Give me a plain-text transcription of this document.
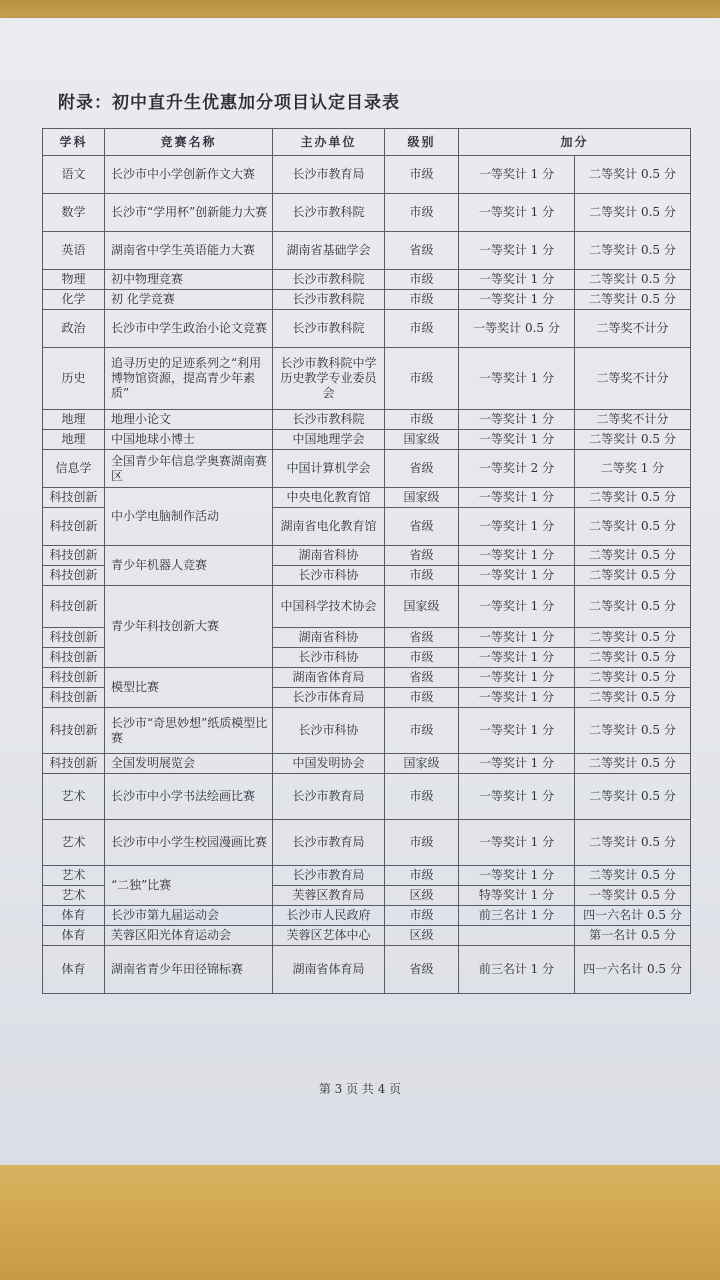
附录：初中直升生优惠加分项目认定目录表
学科	竞赛名称	主办单位	级别	加分	
语文	长沙市中小学创新作文大赛	长沙市教育局	市级	一等奖计 1 分	二等奖计 0.5 分
数学	长沙市“学用杯”创新能力大赛	长沙市教科院	市级	一等奖计 1 分	二等奖计 0.5 分
英语	湖南省中学生英语能力大赛	湖南省基础学会	省级	一等奖计 1 分	二等奖计 0.5 分
物理	初中物理竞赛	长沙市教科院	市级	一等奖计 1 分	二等奖计 0.5 分
化学	初 化学竞赛	长沙市教科院	市级	一等奖计 1 分	二等奖计 0.5 分
政治	长沙市中学生政治小论文竞赛	长沙市教科院	市级	一等奖计 0.5 分	二等奖不计分
历史	追寻历史的足迹系列之“利用博物馆资源，提高青少年素质”	长沙市教科院中学历史教学专业委员会	市级	一等奖计 1 分	二等奖不计分
地理	地理小论文	长沙市教科院	市级	一等奖计 1 分	二等奖不计分
地理	中国地球小博士	中国地理学会	国家级	一等奖计 1 分	二等奖计 0.5 分
信息学	全国青少年信息学奥赛湖南赛区	中国计算机学会	省级	一等奖计 2 分	二等奖 1 分
科技创新	中小学电脑制作活动	中央电化教育馆	国家级	一等奖计 1 分	二等奖计 0.5 分
科技创新		湖南省电化教育馆	省级	一等奖计 1 分	二等奖计 0.5 分
科技创新	青少年机器人竞赛	湖南省科协	省级	一等奖计 1 分	二等奖计 0.5 分
科技创新		长沙市科协	市级	一等奖计 1 分	二等奖计 0.5 分
科技创新	青少年科技创新大赛	中国科学技术协会	国家级	一等奖计 1 分	二等奖计 0.5 分
科技创新		湖南省科协	省级	一等奖计 1 分	二等奖计 0.5 分
科技创新		长沙市科协	市级	一等奖计 1 分	二等奖计 0.5 分
科技创新	模型比赛	湖南省体育局	省级	一等奖计 1 分	二等奖计 0.5 分
科技创新		长沙市体育局	市级	一等奖计 1 分	二等奖计 0.5 分
科技创新	长沙市“奇思妙想”纸质模型比赛	长沙市科协	市级	一等奖计 1 分	二等奖计 0.5 分
科技创新	全国发明展览会	中国发明协会	国家级	一等奖计 1 分	二等奖计 0.5 分
艺术	长沙市中小学书法绘画比赛	长沙市教育局	市级	一等奖计 1 分	二等奖计 0.5 分
艺术	长沙市中小学生校园漫画比赛	长沙市教育局	市级	一等奖计 1 分	二等奖计 0.5 分
艺术	“二独”比赛	长沙市教育局	市级	一等奖计 1 分	二等奖计 0.5 分
艺术		芙蓉区教育局	区级	特等奖计 1 分	一等奖计 0.5 分
体育	长沙市第九届运动会	长沙市人民政府	市级	前三名计 1 分	四一六名计 0.5 分
体育	芙蓉区阳光体育运动会	芙蓉区艺体中心	区级		第一名计 0.5 分
体育	湖南省青少年田径锦标赛	湖南省体育局	省级	前三名计 1 分	四一六名计 0.5 分
第 3 页 共 4 页
